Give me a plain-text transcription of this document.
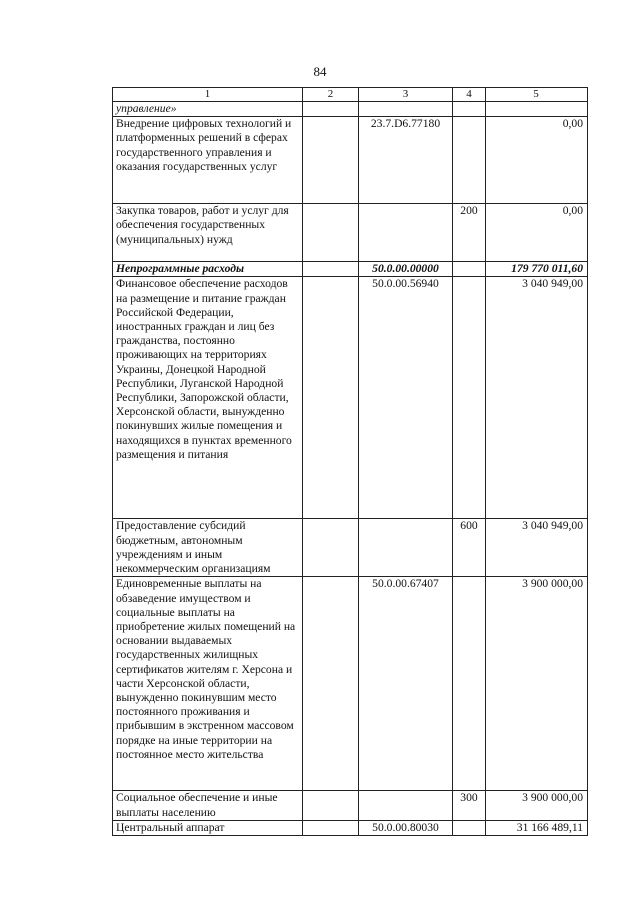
84
1	2	3	4	5
управление»				
Внедрение цифровых технологий и платформенных решений в сферах государственного управления и оказания государственных услуг		23.7.D6.77180		0,00
Закупка товаров, работ и услуг для обеспечения государственных (муниципальных) нужд			200	0,00
Непрограммные расходы		50.0.00.00000		179 770 011,60
Финансовое обеспечение расходов на размещение и питание граждан Российской Федерации, иностранных граждан и лиц без гражданства, постоянно проживающих на территориях Украины, Донецкой Народной Республики, Луганской Народной Республики, Запорожской области, Херсонской области, вынужденно покинувших жилые помещения и находящихся в пунктах временного размещения и питания		50.0.00.56940		3 040 949,00
Предоставление субсидий бюджетным, автономным учреждениям и иным некоммерческим организациям			600	3 040 949,00
Единовременные выплаты на обзаведение имуществом и социальные выплаты на приобретение жилых помещений на основании выдаваемых государственных жилищных сертификатов жителям г. Херсона и части Херсонской области, вынужденно покинувшим место постоянного проживания и прибывшим в экстренном массовом порядке на иные территории на постоянное место жительства		50.0.00.67407		3 900 000,00
Социальное обеспечение и иные выплаты населению			300	3 900 000,00
Центральный аппарат		50.0.00.80030		31 166 489,11
